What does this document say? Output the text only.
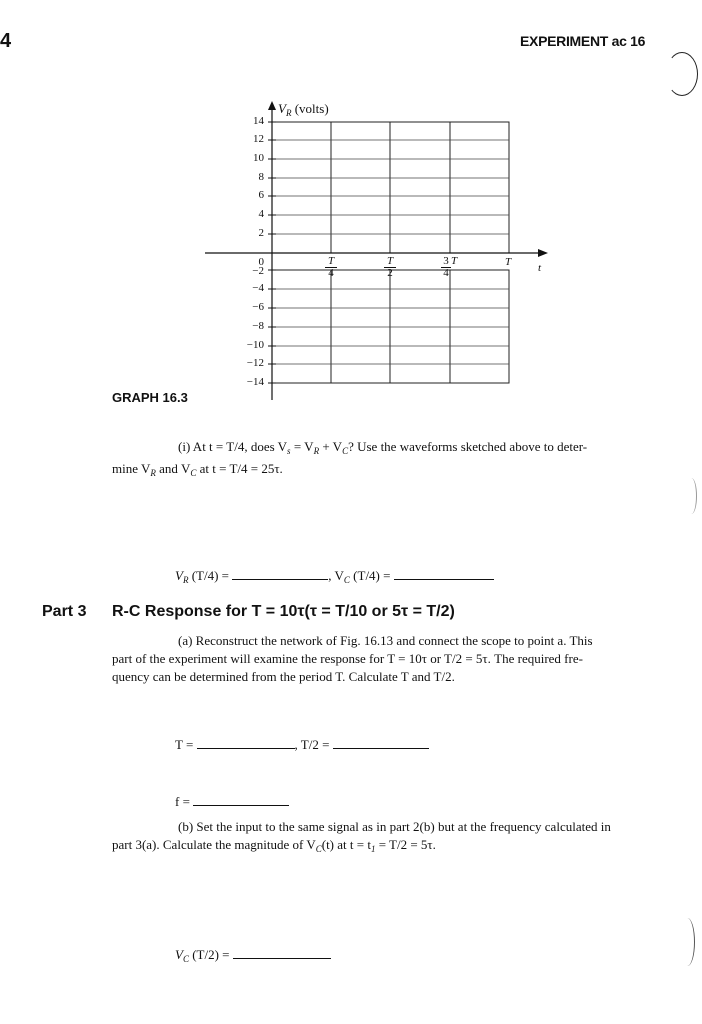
4	EXPERIMENT ac 16
$V_R$ (volts)
14
12
10
8
6
4
2
0
−2
−4
−6
−8
−10
−12
−14
T
4
T
2	$\frac{3}{4}$ T	T t
GRAPH 16.3
(i) At t = T/4, does $V_s = V_R + V_C$? Use the waveforms sketched above to deter-
mine $V_R$ and $V_C$ at t = T/4 = 25τ.
$V_R$ (T/4) =	, $V_C$ (T/4) =
Part 3 R-C Response for T = 10τ(τ = T/10 or 5τ = T/2)
(a) Reconstruct the network of Fig. 16.13 and connect the scope to point a. This
part of the experiment will examine the response for T = 10τ or T/2 = 5τ. The required fre-
quency can be determined from the period T. Calculate T and T/2.
T =	, T/2 =
f =
(b) Set the input to the same signal as in part 2(b) but at the frequency calculated in
part 3(a). Calculate the magnitude of $V_C(t)$ at $t = t_1 = T/2 = 5\tau$.
$V_C$ (T/2) =
